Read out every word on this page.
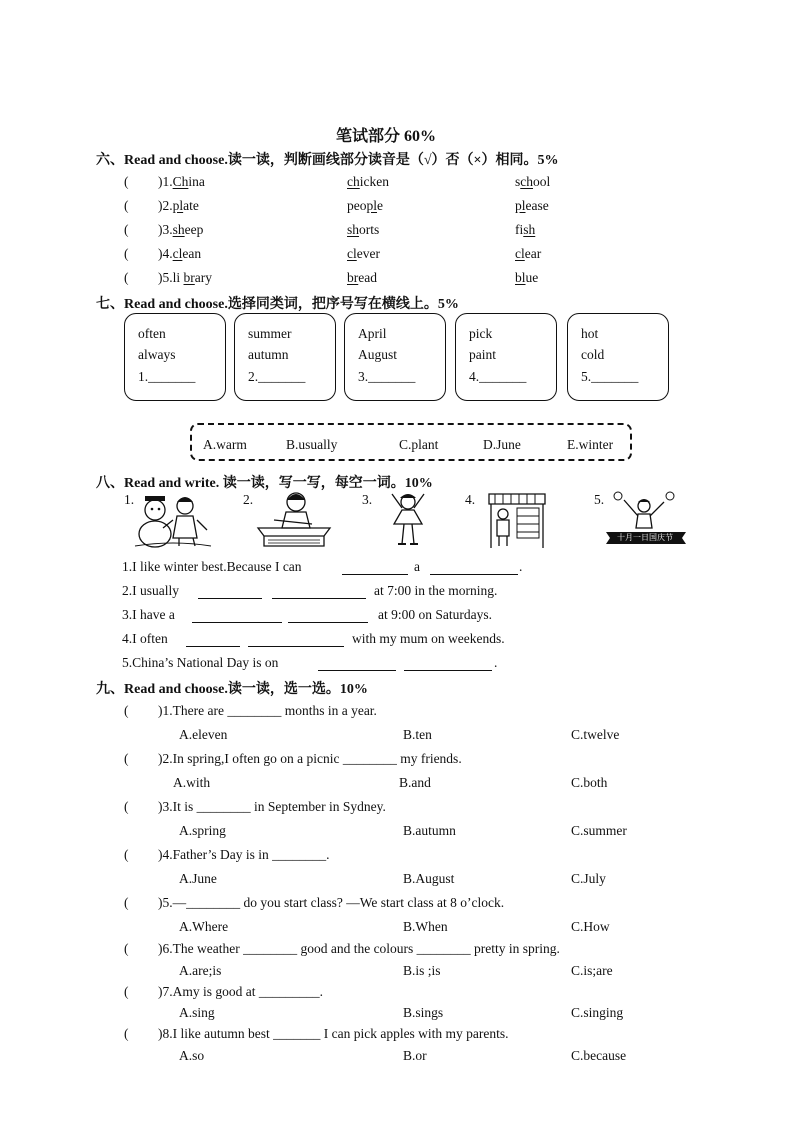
笔试部分 60%
六、Read and choose.读一读，判断画线部分读音是（√）否（×）相同。5%
( )1.China	chicken	school
( )2.plate	people	please
( )3.sheep	shorts	fish
( )4.clean	clever	clear
( )5.li brary	bread	blue
七、Read and choose.选择同类词，把序号写在横线上。5%
often
always
1._______
summer
autumn
2._______
April
August
3._______
pick
paint
4._______
hot
cold
5._______
A.warm	B.usually	C.plant	D.June	E.winter
八、Read and write. 读一读，写一写，每空一词。10%
1.	2.	3.	4.	5.
十月一日国庆节
1.I like winter best.Because I can	a	.
2.I usually	at 7:00 in the morning.
3.I have a	at 9:00 on Saturdays.
4.I often	with my mum on weekends.
5.China’s National Day is on	.
九、Read and choose.读一读，选一选。10%
( )1.There are ________ months in a year.
A.eleven	B.ten	C.twelve
( )2.In spring,I often go on a picnic ________ my friends.
A.with	B.and	C.both
( )3.It is ________ in September in Sydney.
A.spring	B.autumn	C.summer
( )4.Father’s Day is in ________.
A.June	B.August	C.July
( )5.—________ do you start class? —We start class at 8 o’clock.
A.Where	B.When	C.How
( )6.The weather ________ good and the colours ________ pretty in spring.
A.are;is	B.is ;is	C.is;are
( )7.Amy is good at _________.
A.sing	B.sings	C.singing
( )8.I like autumn best _______ I can pick apples with my parents.
A.so	B.or	C.because
